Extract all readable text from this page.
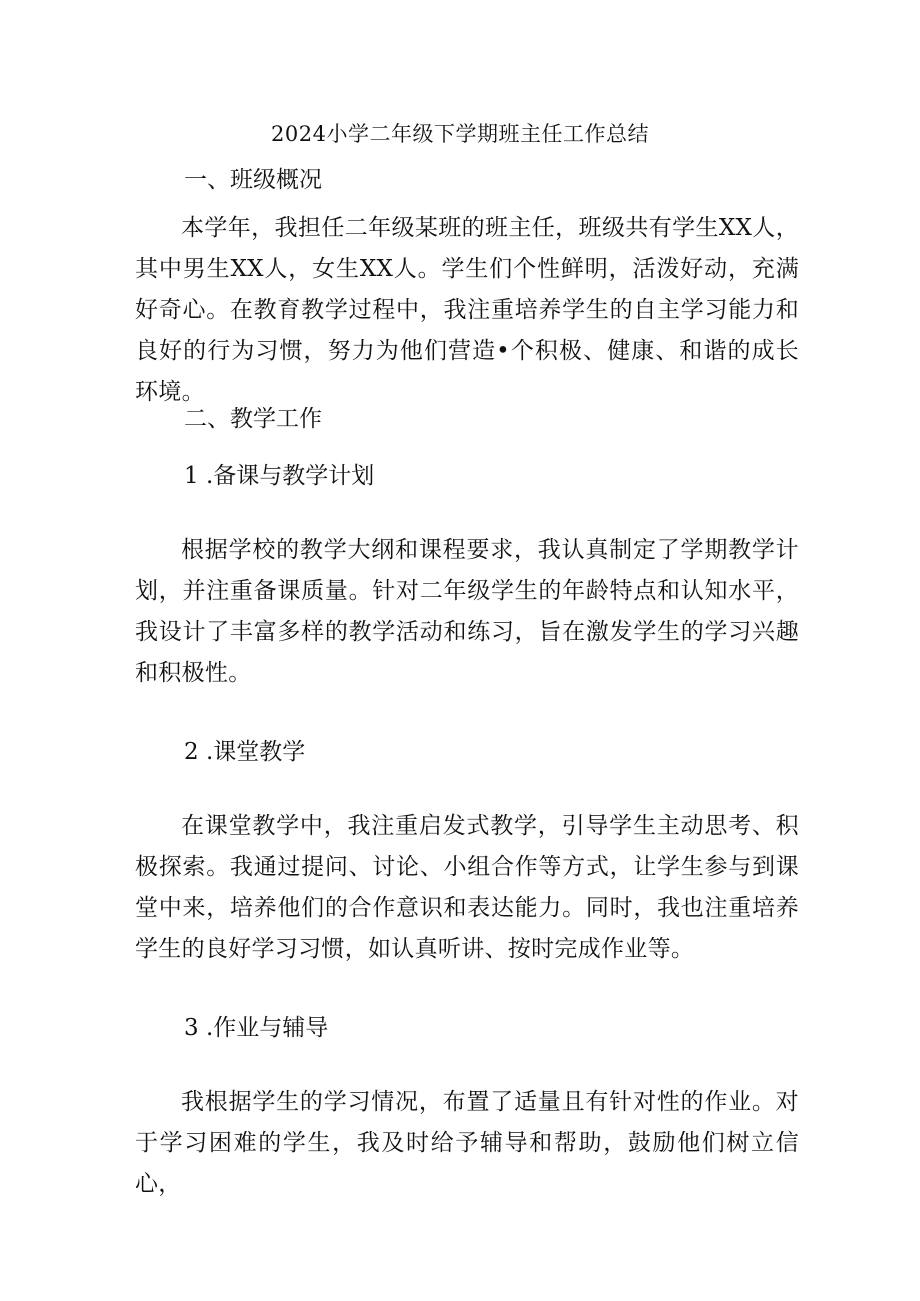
2024小学二年级下学期班主任工作总结
一、班级概况
本学年，我担任二年级某班的班主任，班级共有学生XX人，其中男生XX人，女生XX人。学生们个性鲜明，活泼好动，充满好奇心。在教育教学过程中，我注重培养学生的自主学习能力和良好的行为习惯，努力为他们营造•个积极、健康、和谐的成长环境。
二、教学工作
1 .备课与教学计划
根据学校的教学大纲和课程要求，我认真制定了学期教学计划，并注重备课质量。针对二年级学生的年龄特点和认知水平，我设计了丰富多样的教学活动和练习，旨在激发学生的学习兴趣和积极性。
2 .课堂教学
在课堂教学中，我注重启发式教学，引导学生主动思考、积极探索。我通过提问、讨论、小组合作等方式，让学生参与到课堂中来，培养他们的合作意识和表达能力。同时，我也注重培养学生的良好学习习惯，如认真听讲、按时完成作业等。
3 .作业与辅导
我根据学生的学习情况，布置了适量且有针对性的作业。对于学习困难的学生，我及时给予辅导和帮助，鼓励他们树立信心，
